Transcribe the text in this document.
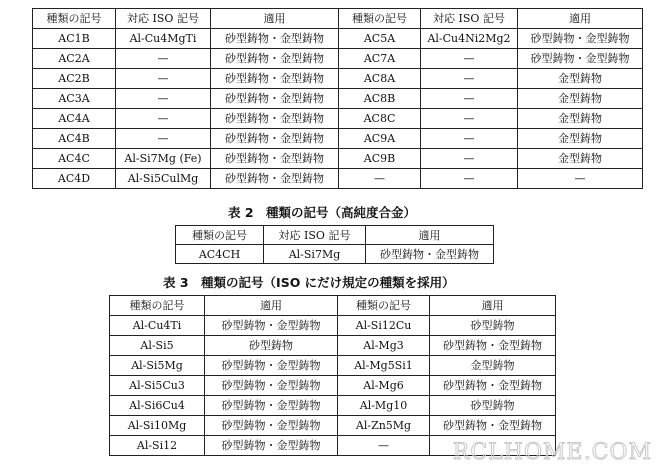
種類の記号	対応 ISO 記号	適用	種類の記号	対応 ISO 記号	適用
AC1B	Al-Cu4MgTi	砂型鋳物・金型鋳物	AC5A	Al-Cu4Ni2Mg2	砂型鋳物・金型鋳物
AC2A	—	砂型鋳物・金型鋳物	AC7A	—	砂型鋳物・金型鋳物
AC2B	—	砂型鋳物・金型鋳物	AC8A	—	金型鋳物
AC3A	—	砂型鋳物・金型鋳物	AC8B	—	金型鋳物
AC4A	—	砂型鋳物・金型鋳物	AC8C	—	金型鋳物
AC4B	—	砂型鋳物・金型鋳物	AC9A	—	金型鋳物
AC4C	Al-Si7Mg (Fe)	砂型鋳物・金型鋳物	AC9B	—	金型鋳物
AC4D	Al-Si5CulMg	砂型鋳物・金型鋳物	—	—	—
表 2　種類の記号（高純度合金）
種類の記号	対応 ISO 記号	適用
AC4CH	Al-Si7Mg	砂型鋳物・金型鋳物
表 3　種類の記号（ISO にだけ規定の種類を採用）
種類の記号	適用	種類の記号	適用
Al-Cu4Ti	砂型鋳物・金型鋳物	Al-Si12Cu	砂型鋳物
Al-Si5	砂型鋳物	Al-Mg3	砂型鋳物・金型鋳物
Al-Si5Mg	砂型鋳物・金型鋳物	Al-Mg5Si1	金型鋳物
Al-Si5Cu3	砂型鋳物・金型鋳物	Al-Mg6	砂型鋳物・金型鋳物
Al-Si6Cu4	砂型鋳物・金型鋳物	Al-Mg10	砂型鋳物
Al-Si10Mg	砂型鋳物・金型鋳物	Al-Zn5Mg	砂型鋳物・金型鋳物
Al-Si12	砂型鋳物・金型鋳物	—		RCLHOME.COM
